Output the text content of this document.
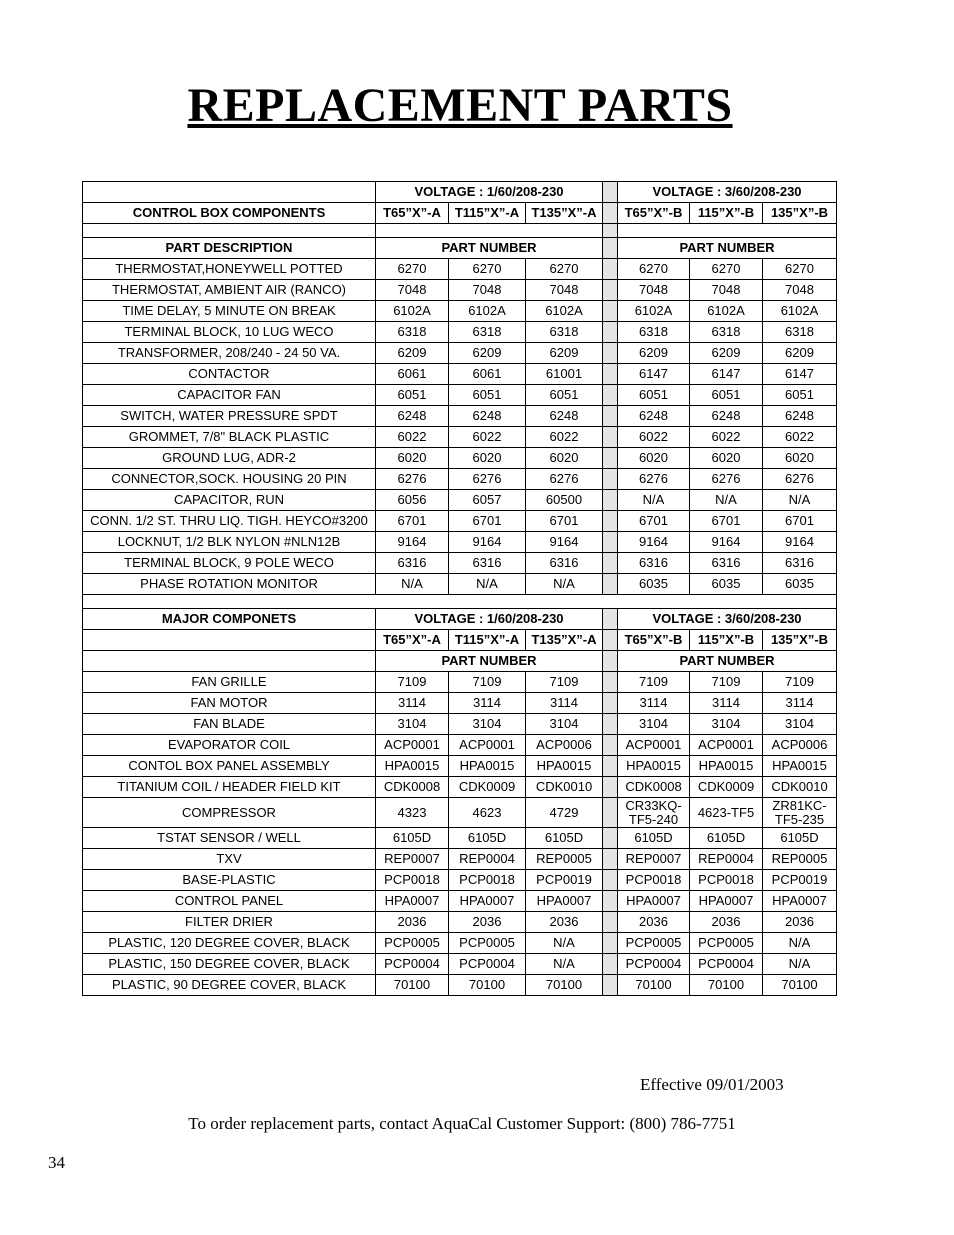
REPLACEMENT PARTS
	VOLTAGE : 1/60/208-230				VOLTAGE : 3/60/208-230		
CONTROL BOX COMPONENTS	T65”X”-A	T115”X”-A	T135”X”-A		T65”X”-B	115”X”-B	135”X”-B

PART DESCRIPTION	PART NUMBER				PART NUMBER		
THERMOSTAT,HONEYWELL POTTED	6270	6270	6270		6270	6270	6270
THERMOSTAT, AMBIENT AIR (RANCO)	7048	7048	7048		7048	7048	7048
TIME DELAY, 5 MINUTE ON BREAK	6102A	6102A	6102A		6102A	6102A	6102A
TERMINAL BLOCK, 10 LUG WECO	6318	6318	6318		6318	6318	6318
TRANSFORMER, 208/240 - 24 50 VA.	6209	6209	6209		6209	6209	6209
CONTACTOR	6061	6061	61001		6147	6147	6147
CAPACITOR FAN	6051	6051	6051		6051	6051	6051
SWITCH, WATER PRESSURE SPDT	6248	6248	6248		6248	6248	6248
GROMMET, 7/8" BLACK PLASTIC	6022	6022	6022		6022	6022	6022
GROUND LUG, ADR-2	6020	6020	6020		6020	6020	6020
CONNECTOR,SOCK. HOUSING 20 PIN	6276	6276	6276		6276	6276	6276
CAPACITOR, RUN	6056	6057	60500		N/A	N/A	N/A
CONN. 1/2 ST. THRU LIQ. TIGH. HEYCO#3200	6701	6701	6701		6701	6701	6701
LOCKNUT, 1/2 BLK NYLON #NLN12B	9164	9164	9164		9164	9164	9164
TERMINAL BLOCK, 9 POLE WECO	6316	6316	6316		6316	6316	6316
PHASE ROTATION MONITOR	N/A	N/A	N/A		6035	6035	6035

MAJOR COMPONETS	VOLTAGE : 1/60/208-230				VOLTAGE : 3/60/208-230		
	T65”X”-A	T115”X”-A	T135”X”-A		T65”X”-B	115”X”-B	135”X”-B
	PART NUMBER				PART NUMBER		
FAN GRILLE	7109	7109	7109		7109	7109	7109
FAN MOTOR	3114	3114	3114		3114	3114	3114
FAN BLADE	3104	3104	3104		3104	3104	3104
EVAPORATOR COIL	ACP0001	ACP0001	ACP0006		ACP0001	ACP0001	ACP0006
CONTOL BOX PANEL ASSEMBLY	HPA0015	HPA0015	HPA0015		HPA0015	HPA0015	HPA0015
TITANIUM COIL / HEADER FIELD KIT	CDK0008	CDK0009	CDK0010		CDK0008	CDK0009	CDK0010
COMPRESSOR	4323	4623	4729		CR33KQ-TF5-240	4623-TF5	ZR81KC-TF5-235
TSTAT SENSOR / WELL	6105D	6105D	6105D		6105D	6105D	6105D
TXV	REP0007	REP0004	REP0005		REP0007	REP0004	REP0005
BASE-PLASTIC	PCP0018	PCP0018	PCP0019		PCP0018	PCP0018	PCP0019
CONTROL PANEL	HPA0007	HPA0007	HPA0007		HPA0007	HPA0007	HPA0007
FILTER DRIER	2036	2036	2036		2036	2036	2036
PLASTIC, 120 DEGREE COVER, BLACK	PCP0005	PCP0005	N/A		PCP0005	PCP0005	N/A
PLASTIC, 150 DEGREE COVER, BLACK	PCP0004	PCP0004	N/A		PCP0004	PCP0004	N/A
PLASTIC, 90 DEGREE COVER, BLACK	70100	70100	70100		70100	70100	70100
Effective 09/01/2003
To order replacement parts, contact AquaCal Customer Support: (800) 786-7751
34
